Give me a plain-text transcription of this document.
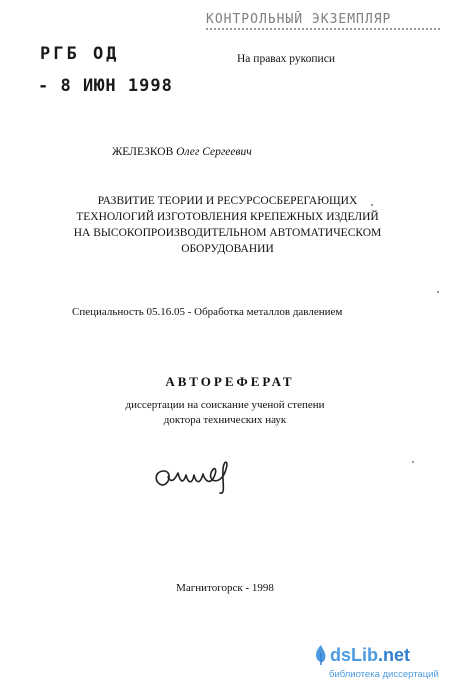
КОНТРОЛЬНЫЙ ЭКЗЕМПЛЯР
РГБ ОД
- 8 ИЮН 1998
На правах рукописи
ЖЕЛЕЗКОВ Олег Сергеевич
РАЗВИТИЕ ТЕОРИИ И РЕСУРСОСБЕРЕГАЮЩИХ
ТЕХНОЛОГИЙ ИЗГОТОВЛЕНИЯ КРЕПЕЖНЫХ ИЗДЕЛИЙ
НА ВЫСОКОПРОИЗВОДИТЕЛЬНОМ АВТОМАТИЧЕСКОМ
ОБОРУДОВАНИИ
Специальность 05.16.05 - Обработка металлов давлением
АВТОРЕФЕРАТ
диссертации на соискание ученой степени
доктора технических наук
Магнитогорск - 1998
dsLib.net
библиотека диссертаций
